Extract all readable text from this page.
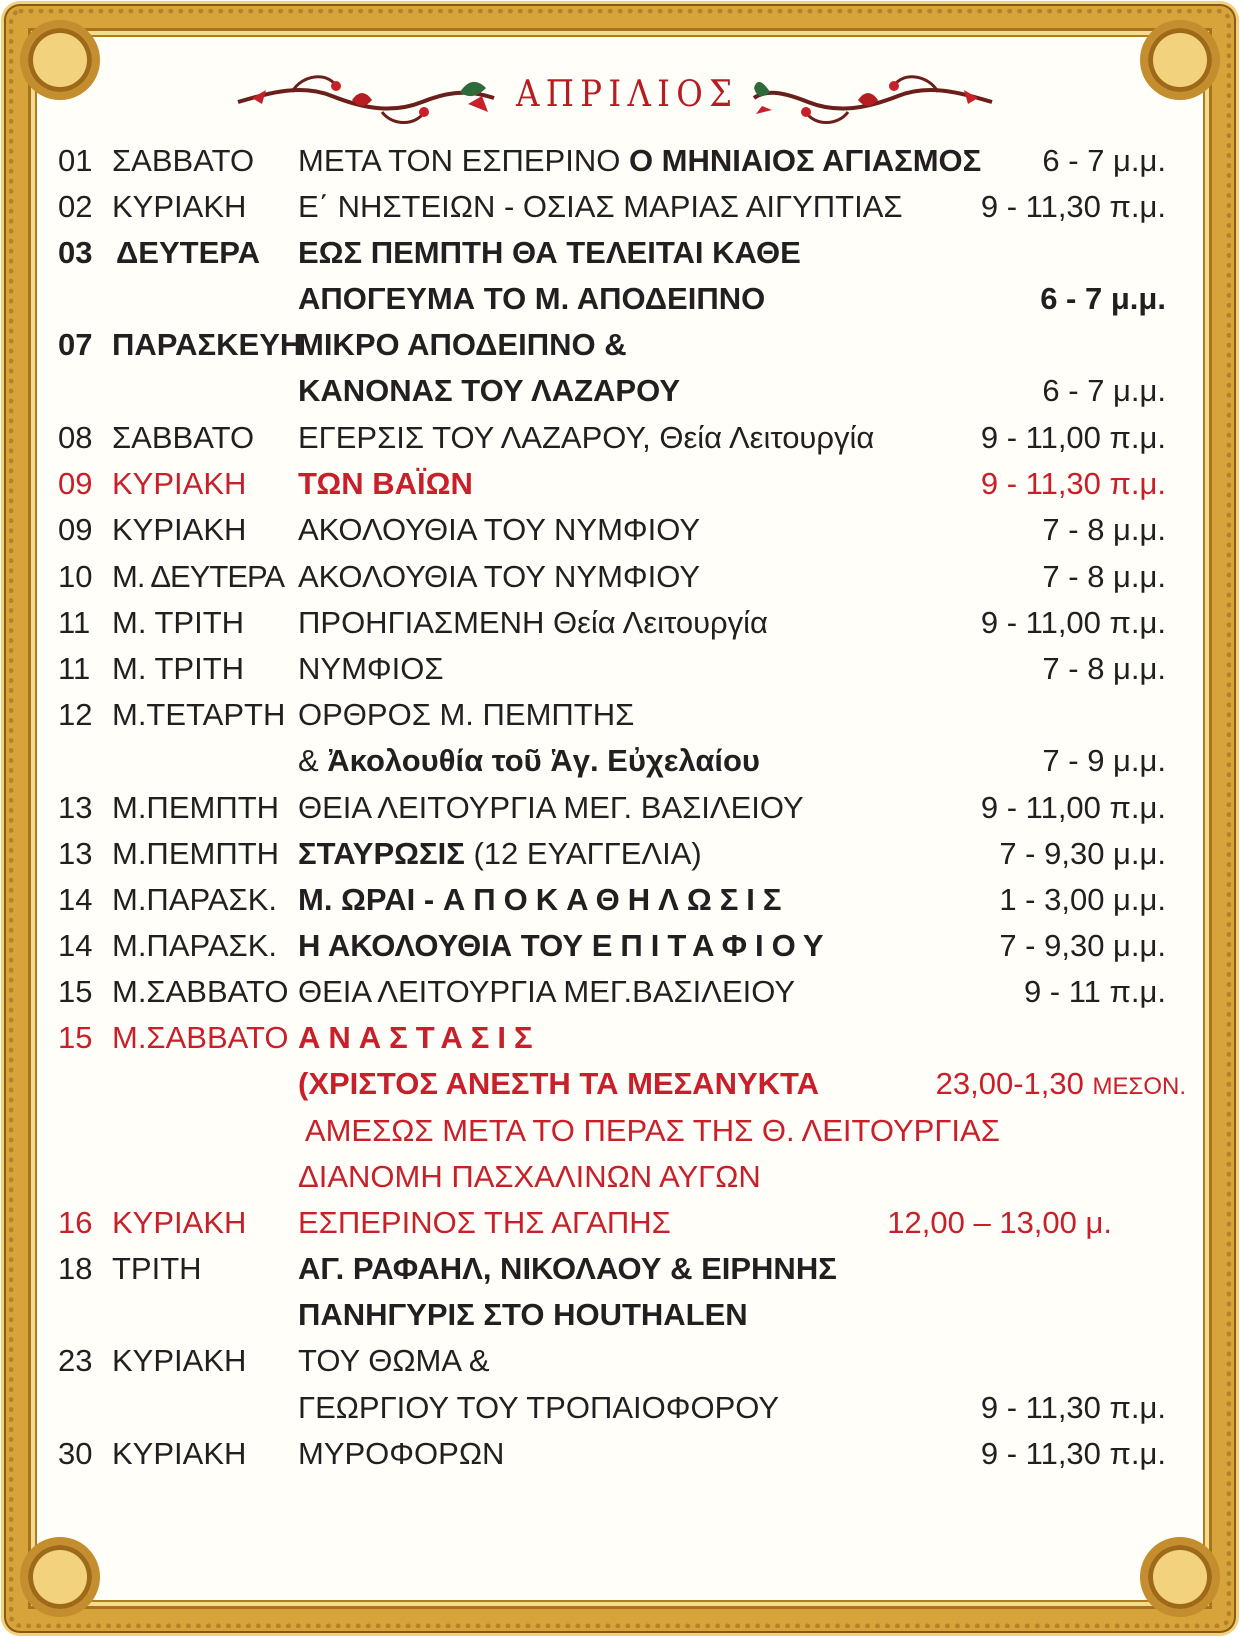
ΑΠΡΙΛΙΟΣ
01 ΣΑΒΒΑΤΟ ΜΕΤΑ ΤΟΝ ΕΣΠΕΡΙΝΟ Ο ΜΗΝΙΑΙΟΣ ΑΓΙΑΣΜΟΣ 6 - 7 μ.μ.
02 ΚΥΡΙΑΚΗ Ε΄ ΝΗΣΤΕΙΩΝ - ΟΣΙΑΣ ΜΑΡΙΑΣ ΑΙΓΥΠΤΙΑΣ	9 - 11,30 π.μ.
03 ΔΕΥΤΕΡΑ ΕΩΣ ΠΕΜΠΤΗ ΘΑ ΤΕΛΕΙΤΑΙ ΚΑΘΕ
ΑΠΟΓΕΥΜΑ ΤΟ Μ. ΑΠΟΔΕΙΠΝΟ	6 - 7 μ.μ.
07 ΠΑΡΑΣΚΕΥΗ
ΜΙΚΡΟ ΑΠΟΔΕΙΠΝΟ &
ΚΑΝΟΝΑΣ ΤΟΥ ΛΑΖΑΡΟΥ	6 - 7 μ.μ.
08 ΣΑΒΒΑΤΟ ΕΓΕΡΣΙΣ ΤΟΥ ΛΑΖΑΡΟΥ, Θεία Λειτουργία	9 - 11,00 π.μ.
09 ΚΥΡΙΑΚΗ ΤΩΝ ΒΑΪΩΝ	9 - 11,30 π.μ.
09 ΚΥΡΙΑΚΗ ΑΚΟΛΟΥΘΙΑ ΤΟΥ ΝΥΜΦΙΟΥ	7 - 8 μ.μ.
10 Μ. ΔΕΥΤΕΡΑ ΑΚΟΛΟΥΘΙΑ ΤΟΥ ΝΥΜΦΙΟΥ	7 - 8 μ.μ.
11 Μ. ΤΡΙΤΗ ΠΡΟΗΓΙΑΣΜΕΝΗ Θεία Λειτουργία	9 - 11,00 π.μ.
11 Μ. ΤΡΙΤΗ ΝΥΜΦΙΟΣ	7 - 8 μ.μ.
12 Μ.ΤΕΤΑΡΤΗ ΟΡΘΡΟΣ Μ. ΠΕΜΠΤΗΣ
& Ἀκολουθία τοῦ Ἁγ. Εὐχελαίου	7 - 9 μ.μ.
13 Μ.ΠΕΜΠΤΗ ΘΕΙΑ ΛΕΙΤΟΥΡΓΙΑ ΜΕΓ. ΒΑΣΙΛΕΙΟΥ	9 - 11,00 π.μ.
13 Μ.ΠΕΜΠΤΗ ΣΤΑΥΡΩΣΙΣ (12 ΕΥΑΓΓΕΛΙΑ)	7 - 9,30 μ.μ.
14 Μ.ΠΑΡΑΣΚ. Μ. ΩΡΑΙ - ΑΠΟΚΑΘΗΛΩΣΙΣ	1 - 3,00 μ.μ.
14 Μ.ΠΑΡΑΣΚ. Η ΑΚΟΛΟΥΘΙΑ ΤΟΥ ΕΠΙΤΑΦΙΟΥ	7 - 9,30 μ.μ.
15 Μ.ΣΑΒΒΑΤΟ ΘΕΙΑ ΛΕΙΤΟΥΡΓΙΑ ΜΕΓ.ΒΑΣΙΛΕΙΟΥ	9 - 11 π.μ.
15 Μ.ΣΑΒΒΑΤΟ ΑΝΑΣΤΑΣΙΣ
(ΧΡΙΣΤΟΣ ΑΝΕΣΤΗ ΤΑ ΜΕΣΑΝΥΚΤΑ	23,00-1,30 ΜΕΣΟΝ.
ΑΜΕΣΩΣ ΜΕΤΑ ΤΟ ΠΕΡΑΣ ΤΗΣ Θ. ΛΕΙΤΟΥΡΓΙΑΣ
ΔΙΑΝΟΜΗ ΠΑΣΧΑΛΙΝΩΝ ΑΥΓΩΝ
16 ΚΥΡΙΑΚΗ ΕΣΠΕΡΙΝΟΣ ΤΗΣ ΑΓΑΠΗΣ	12,00 – 13,00 μ.
18 ΤΡΙΤΗ	ΑΓ. ΡΑΦΑΗΛ, ΝΙΚΟΛΑΟΥ & ΕΙΡΗΝΗΣ
ΠΑΝΗΓΥΡΙΣ ΣΤΟ HOUTHALEN
23 ΚΥΡΙΑΚΗ ΤΟΥ ΘΩΜΑ &
ΓΕΩΡΓΙΟΥ ΤΟΥ ΤΡΟΠΑΙΟΦΟΡΟΥ	9 - 11,30 π.μ.
30 ΚΥΡΙΑΚΗ ΜΥΡΟΦΟΡΩΝ	9 - 11,30 π.μ.
